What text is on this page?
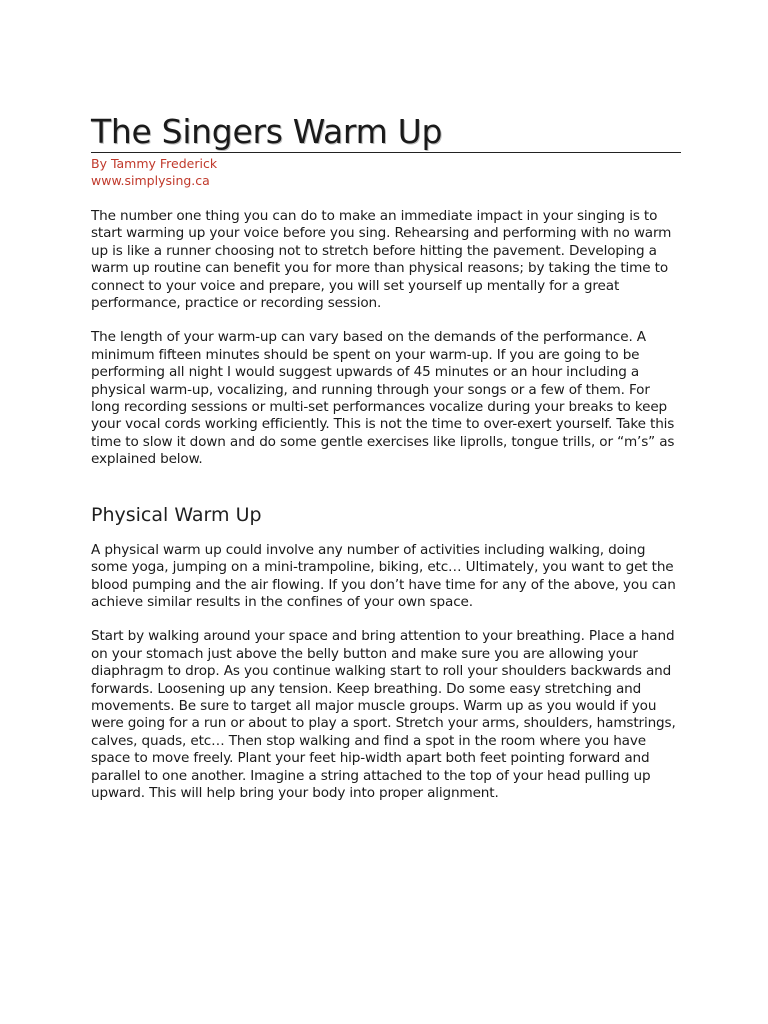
The Singers Warm Up
By Tammy Frederick
www.simplysing.ca

The number one thing you can do to make an immediate impact in your singing is to start warming up your voice before you sing. Rehearsing and performing with no warm up is like a runner choosing not to stretch before hitting the pavement. Developing a warm up routine can benefit you for more than physical reasons; by taking the time to connect to your voice and prepare, you will set yourself up mentally for a great performance, practice or recording session.

The length of your warm-up can vary based on the demands of the performance. A minimum fifteen minutes should be spent on your warm-up. If you are going to be performing all night I would suggest upwards of 45 minutes or an hour including a physical warm-up, vocalizing, and running through your songs or a few of them. For long recording sessions or multi-set performances vocalize during your breaks to keep your vocal cords working efficiently. This is not the time to over-exert yourself. Take this time to slow it down and do some gentle exercises like liprolls, tongue trills, or “m’s” as explained below.

Physical Warm Up

A physical warm up could involve any number of activities including walking, doing some yoga, jumping on a mini-trampoline, biking, etc… Ultimately, you want to get the blood pumping and the air flowing. If you don’t have time for any of the above, you can achieve similar results in the confines of your own space.

Start by walking around your space and bring attention to your breathing. Place a hand on your stomach just above the belly button and make sure you are allowing your diaphragm to drop. As you continue walking start to roll your shoulders backwards and forwards. Loosening up any tension. Keep breathing. Do some easy stretching and movements. Be sure to target all major muscle groups. Warm up as you would if you were going for a run or about to play a sport. Stretch your arms, shoulders, hamstrings, calves, quads, etc… Then stop walking and find a spot in the room where you have space to move freely. Plant your feet hip-width apart both feet pointing forward and parallel to one another. Imagine a string attached to the top of your head pulling up upward. This will help bring your body into proper alignment.
